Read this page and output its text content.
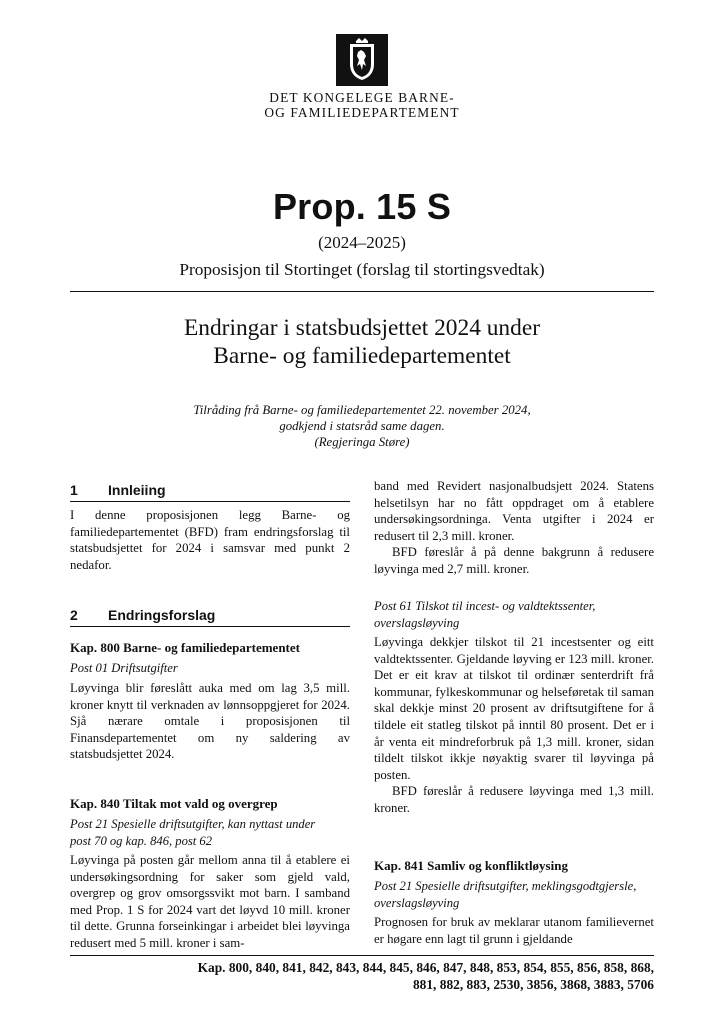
DET KONGELEGE BARNE-
OG FAMILIEDEPARTEMENT
Prop. 15 S
(2024–2025)
Proposisjon til Stortinget (forslag til stortingsvedtak)
Endringar i statsbudsjettet 2024 under
Barne- og familiedepartementet
Tilråding frå Barne- og familiedepartementet 22. november 2024,
godkjend i statsråd same dagen.
(Regjeringa Støre)
1 Innleiing

I denne proposisjonen legg Barne- og familiedepartementet (BFD) fram endringsforslag til statsbudsjettet for 2024 i samsvar med punkt 2 nedafor.

2 Endringsforslag
Kap. 800 Barne- og familiedepartementet
Post 01 Driftsutgifter

Løyvinga blir føreslått auka med om lag 3,5 mill. kroner knytt til verknaden av lønnsoppgjeret for 2024. Sjå nærare omtale i proposisjonen til Finansdepartementet om ny saldering av statsbudsjettet 2024.

Kap. 840 Tiltak mot vald og overgrep
Post 21 Spesielle driftsutgifter, kan nyttast under
post 70 og kap. 846, post 62

Løyvinga på posten går mellom anna til å etablere ei undersøkingsordning for saker som gjeld vald, overgrep og grov omsorgssvikt mot barn. I samband med Prop. 1 S for 2024 vart det løyvd 10 mill. kroner til dette. Grunna forseinkingar i arbeidet blei løyvinga redusert med 5 mill. kroner i sam-

band med Revidert nasjonalbudsjett 2024. Statens helsetilsyn har no fått oppdraget om å etablere undersøkingsordninga. Venta utgifter i 2024 er redusert til 2,3 mill. kroner.

BFD føreslår å på denne bakgrunn å redusere løyvinga med 2,7 mill. kroner.

Post 61 Tilskot til incest- og valdtektssenter,
overslagsløyving

Løyvinga dekkjer tilskot til 21 incestsenter og eitt valdtektssenter. Gjeldande løyving er 123 mill. kroner. Det er eit krav at tilskot til ordinær senterdrift frå kommunar, fylkeskommunar og helseføretak til saman skal dekkje minst 20 prosent av driftsutgiftene for å tildele eit statleg tilskot på inntil 80 prosent. Det er i år venta eit mindreforbruk på 1,3 mill. kroner, sidan tildelt tilskot ikkje nøyaktig svarer til løyvinga på posten.

BFD føreslår å redusere løyvinga med 1,3 mill. kroner.

Kap. 841 Samliv og konfliktløysing
Post 21 Spesielle driftsutgifter, meklingsgodtgjersle,
overslagsløyving

Prognosen for bruk av meklarar utanom familievernet er høgare enn lagt til grunn i gjeldande

Kap. 800, 840, 841, 842, 843, 844, 845, 846, 847, 848, 853, 854, 855, 856, 858, 868,
881, 882, 883, 2530, 3856, 3868, 3883, 5706
